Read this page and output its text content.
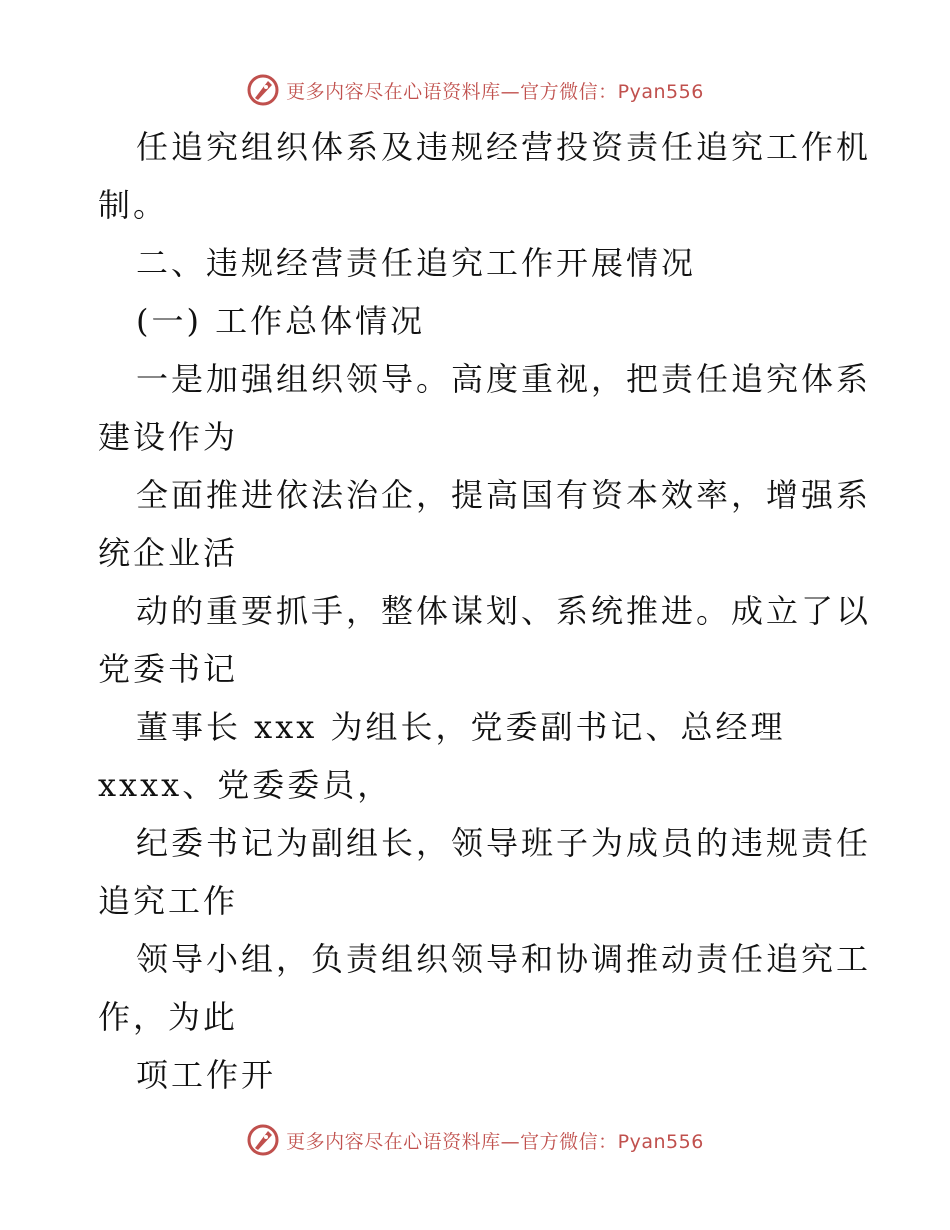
更多内容尽在心语资料库—官方微信：Pyan556

任追究组织体系及违规经营投资责任追究工作机

制。

二、违规经营责任追究工作开展情况

(一) 工作总体情况

一是加强组织领导。高度重视，把责任追究体系

建设作为

全面推进依法治企，提高国有资本效率，增强系

统企业活

动的重要抓手，整体谋划、系统推进。成立了以

党委书记

董事长 xxx 为组长，党委副书记、总经理

xxxx、党委委员，

纪委书记为副组长，领导班子为成员的违规责任

追究工作

领导小组，负责组织领导和协调推动责任追究工

作，为此

项工作开

更多内容尽在心语资料库—官方微信：Pyan556
